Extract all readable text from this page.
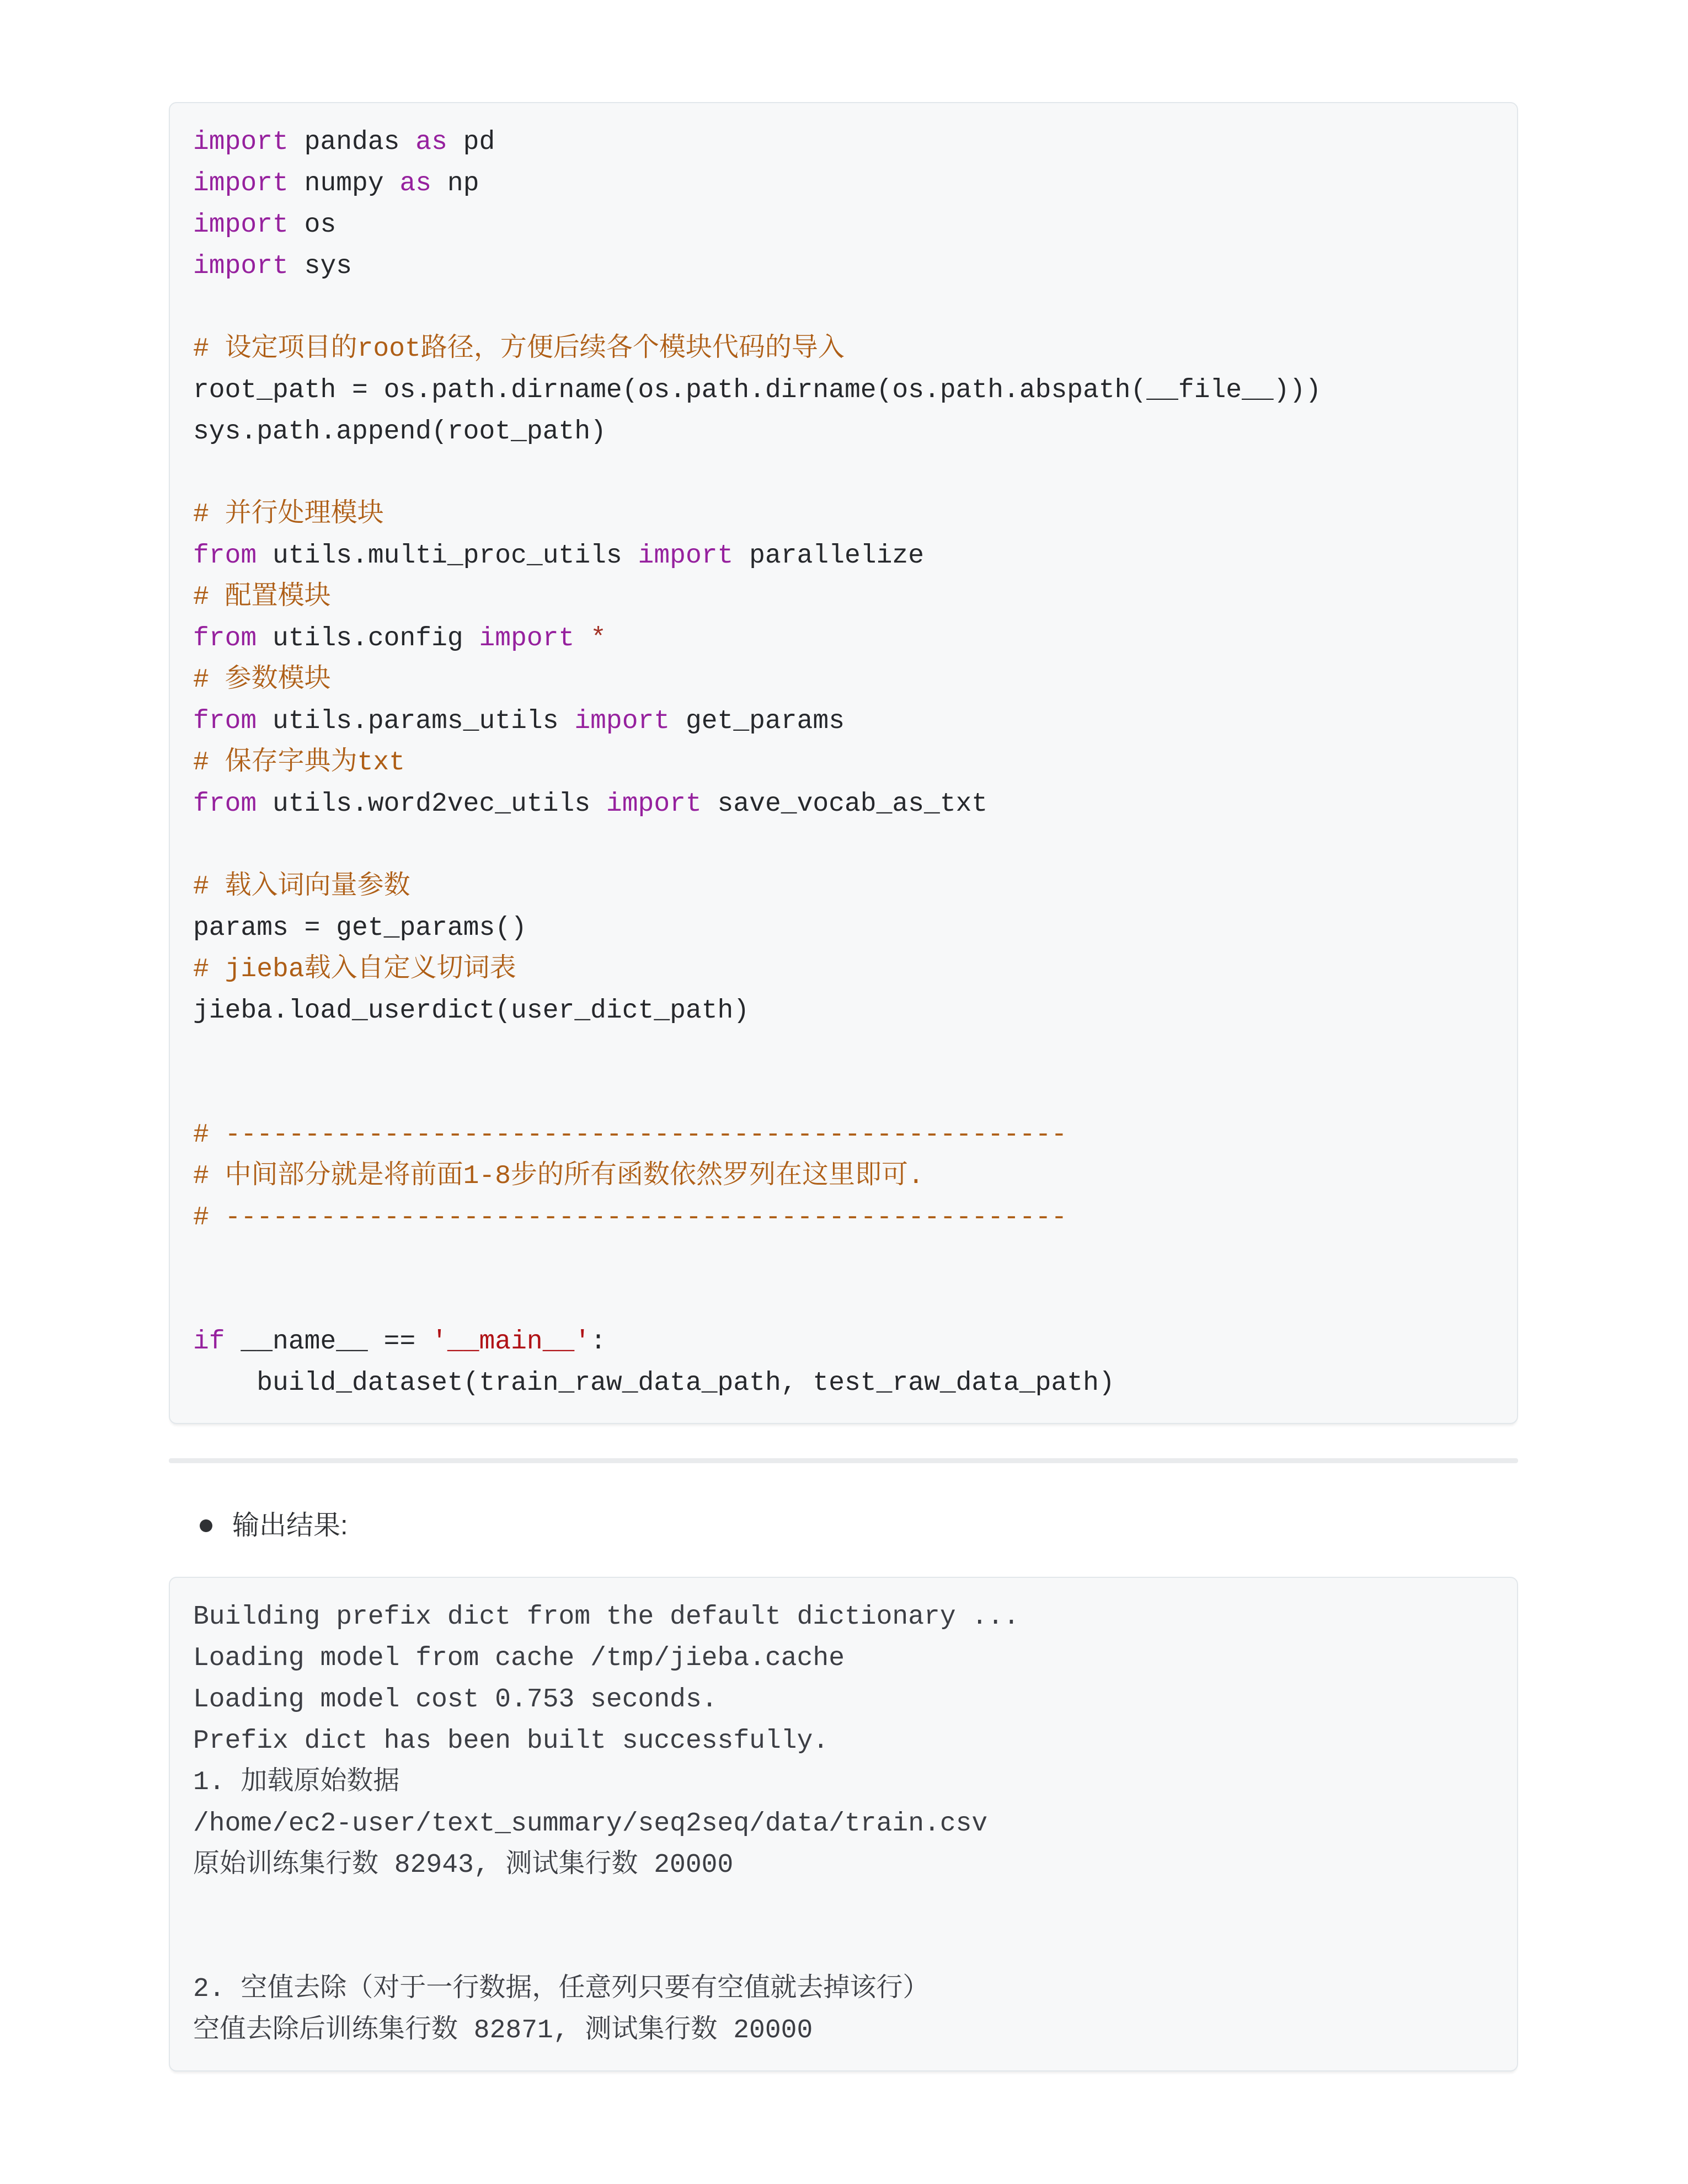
import pandas as pd
import numpy as np
import os
import sys

# 设定项目的root路径，方便后续各个模块代码的导入
root_path = os.path.dirname(os.path.dirname(os.path.abspath(__file__)))
sys.path.append(root_path)

# 并行处理模块
from utils.multi_proc_utils import parallelize
# 配置模块
from utils.config import *
# 参数模块
from utils.params_utils import get_params
# 保存字典为txt
from utils.word2vec_utils import save_vocab_as_txt

# 载入词向量参数
params = get_params()
# jieba载入自定义切词表
jieba.load_userdict(user_dict_path)

# -----------------------------------------------------
# 中间部分就是将前面1-8步的所有函数依然罗列在这里即可.
# -----------------------------------------------------

if __name__ == '__main__':
build_dataset(train_raw_data_path, test_raw_data_path)
输出结果:
Building prefix dict from the default dictionary ...
Loading model from cache /tmp/jieba.cache
Loading model cost 0.753 seconds.
Prefix dict has been built successfully.
1. 加载原始数据
/home/ec2-user/text_summary/seq2seq/data/train.csv
原始训练集行数 82943, 测试集行数 20000

2. 空值去除（对于一行数据，任意列只要有空值就去掉该行）
空值去除后训练集行数 82871, 测试集行数 20000
